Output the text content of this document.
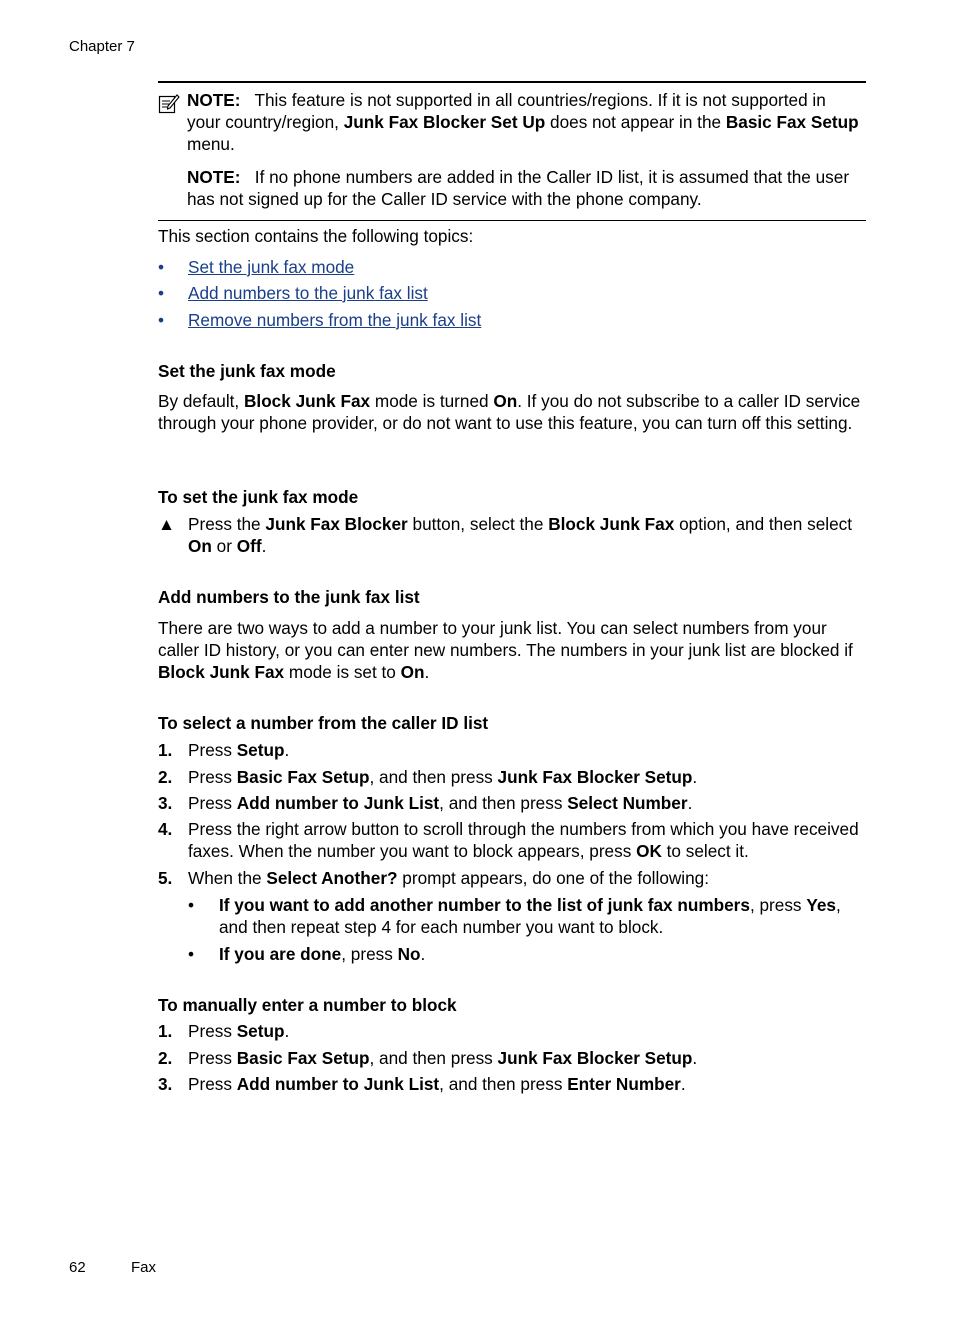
Chapter 7

NOTE: This feature is not supported in all countries/regions. If it is not supported in your country/region, Junk Fax Blocker Set Up does not appear in the Basic Fax Setup menu.

NOTE: If no phone numbers are added in the Caller ID list, it is assumed that the user has not signed up for the Caller ID service with the phone company.

This section contains the following topics:

• Set the junk fax mode
• Add numbers to the junk fax list
• Remove numbers from the junk fax list
Set the junk fax mode

By default, Block Junk Fax mode is turned On. If you do not subscribe to a caller ID service through your phone provider, or do not want to use this feature, you can turn off this setting.

To set the junk fax mode
▲ Press the Junk Fax Blocker button, select the Block Junk Fax option, and then select On or Off.
Add numbers to the junk fax list

There are two ways to add a number to your junk list. You can select numbers from your caller ID history, or you can enter new numbers. The numbers in your junk list are blocked if Block Junk Fax mode is set to On.

To select a number from the caller ID list
1. Press Setup.
2. Press Basic Fax Setup, and then press Junk Fax Blocker Setup.
3. Press Add number to Junk List, and then press Select Number.
4. Press the right arrow button to scroll through the numbers from which you have received faxes. When the number you want to block appears, press OK to select it.
5. When the Select Another? prompt appears, do one of the following:
• If you want to add another number to the list of junk fax numbers, press Yes, and then repeat step 4 for each number you want to block.
• If you are done, press No.
To manually enter a number to block
1. Press Setup.
2. Press Basic Fax Setup, and then press Junk Fax Blocker Setup.
3. Press Add number to Junk List, and then press Enter Number.
62	Fax
